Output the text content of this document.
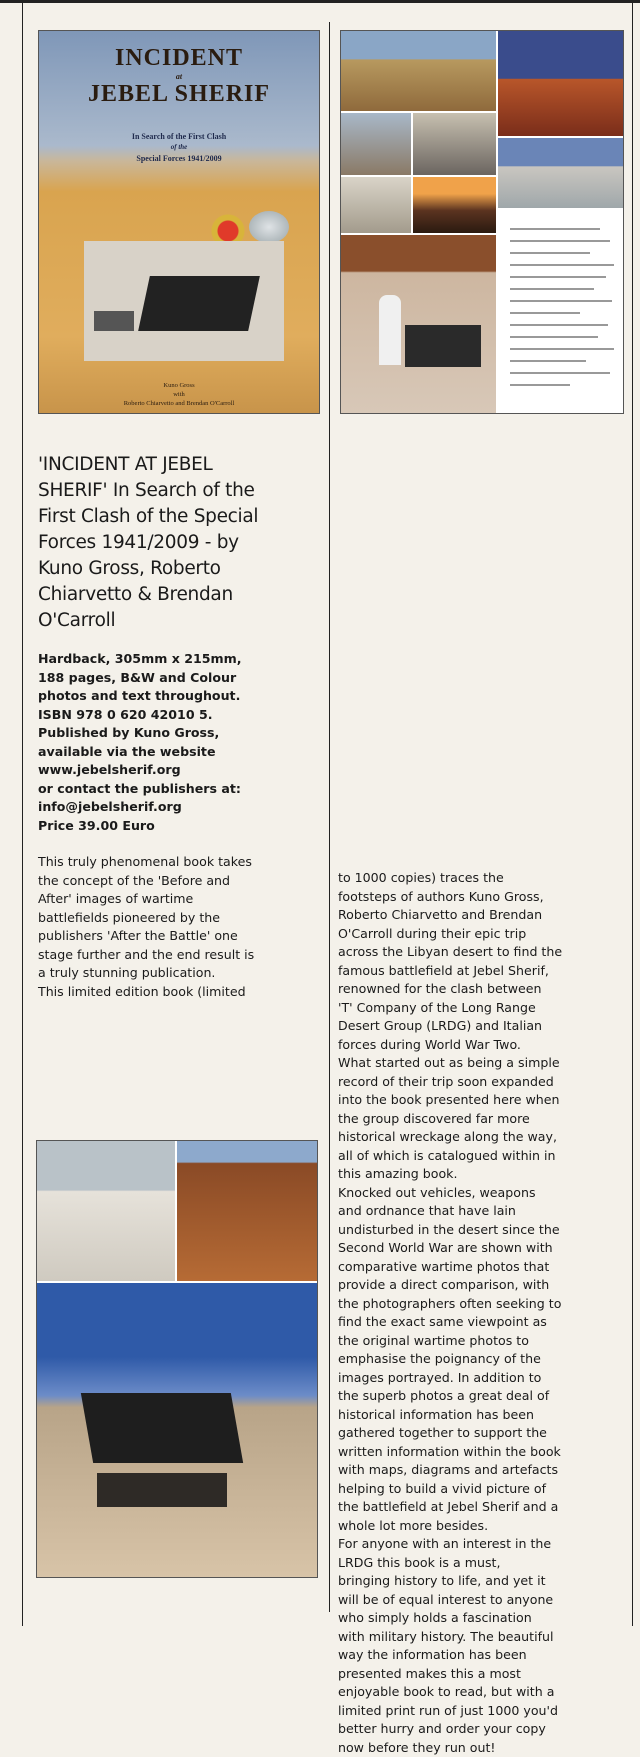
INCIDENT
at
JEBEL SHERIF
In Search of the First Clash
of the
Special Forces 1941/2009
Kuno Gross
with
Roberto Chiarvetto and Brendan O'Carroll
'INCIDENT AT JEBEL
SHERIF' In Search of the
First Clash of the Special
Forces 1941/2009 - by
Kuno Gross, Roberto
Chiarvetto & Brendan
O'Carroll
Hardback, 305mm x 215mm,
188 pages, B&W and Colour
photos and text throughout.
ISBN 978 0 620 42010 5.
Published by Kuno Gross,
available via the website
www.jebelsherif.org
or contact the publishers at:
info@jebelsherif.org
Price 39.00 Euro
This truly phenomenal book takes
the concept of the 'Before and
After' images of wartime
battlefields pioneered by the
publishers 'After the Battle' one
stage further and the end result is
a truly stunning publication.
This limited edition book (limited
to 1000 copies) traces the
footsteps of authors Kuno Gross,
Roberto Chiarvetto and Brendan
O'Carroll during their epic trip
across the Libyan desert to find the
famous battlefield at Jebel Sherif,
renowned for the clash between
'T' Company of the Long Range
Desert Group (LRDG) and Italian
forces during World War Two.
What started out as being a simple
record of their trip soon expanded
into the book presented here when
the group discovered far more
historical wreckage along the way,
all of which is catalogued within in
this amazing book.
Knocked out vehicles, weapons
and ordnance that have lain
undisturbed in the desert since the
Second World War are shown with
comparative wartime photos that
provide a direct comparison, with
the photographers often seeking to
find the exact same viewpoint as
the original wartime photos to
emphasise the poignancy of the
images portrayed. In addition to
the superb photos a great deal of
historical information has been
gathered together to support the
written information within the book
with maps, diagrams and artefacts
helping to build a vivid picture of
the battlefield at Jebel Sherif and a
whole lot more besides.
For anyone with an interest in the
LRDG this book is a must,
bringing history to life, and yet it
will be of equal interest to anyone
who simply holds a fascination
with military history. The beautiful
way the information has been
presented makes this a most
enjoyable book to read, but with a
limited print run of just 1000 you'd
better hurry and order your copy
now before they run out!
